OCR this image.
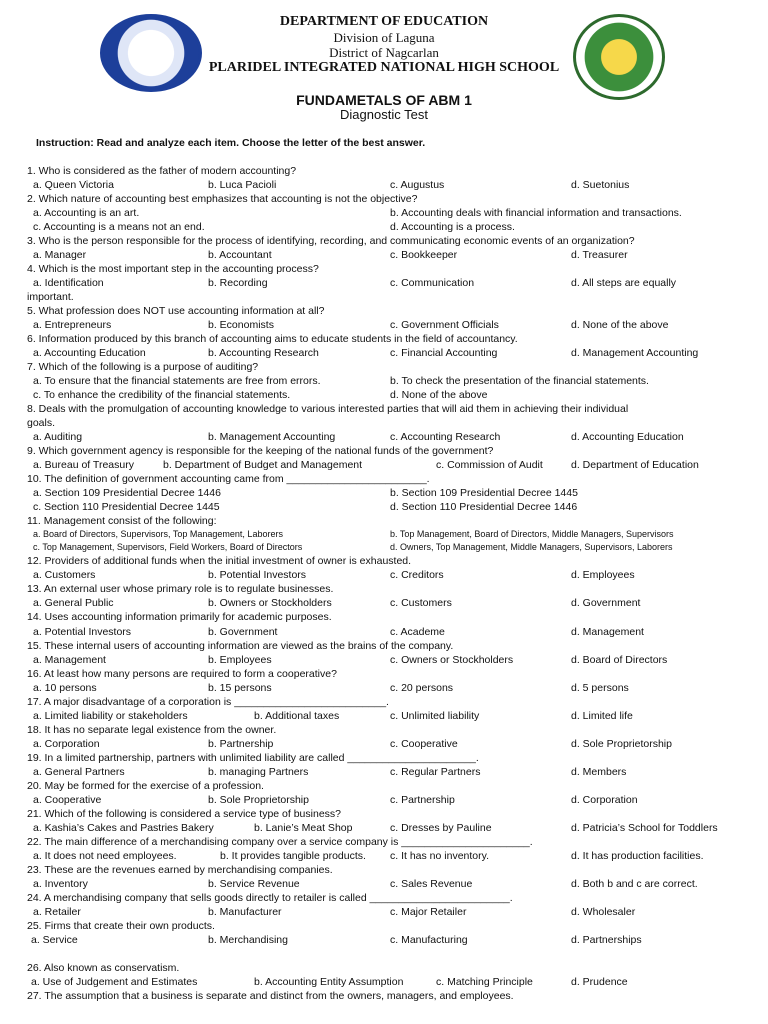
DEPARTMENT OF EDUCATION
Division of Laguna
District of Nagcarlan
PLARIDEL INTEGRATED NATIONAL HIGH SCHOOL
FUNDAMETALS OF ABM 1
Diagnostic Test
Instruction: Read and analyze each item. Choose the letter of the best answer.
1. Who is considered as the father of modern accounting?
a. Queen Victoria	b. Luca Pacioli	c. Augustus	d. Suetonius
2. Which nature of accounting best emphasizes that accounting is not the objective?
a. Accounting is an art.	b. Accounting deals with financial information and transactions.
c. Accounting is a means not an end.	d. Accounting is a process.
3. Who is the person responsible for the process of identifying, recording, and communicating economic events of an organization?
a. Manager	b. Accountant	c. Bookkeeper	d. Treasurer
4. Which is the most important step in the accounting process?
a. Identification	b. Recording	c. Communication	d. All steps are equally
important.
5. What profession does NOT use accounting information at all?
a. Entrepreneurs	b. Economists	c. Government Officials	d. None of the above
6. Information produced by this branch of accounting aims to educate students in the field of accountancy.
a. Accounting Education	b. Accounting Research	c. Financial Accounting	d. Management Accounting
7. Which of the following is a purpose of auditing?
a. To ensure that the financial statements are free from errors.	b. To check the presentation of the financial statements.
c. To enhance the credibility of the financial statements.	d. None of the above
8. Deals with the promulgation of accounting knowledge to various interested parties that will aid them in achieving their individual
goals.
a. Auditing	b. Management Accounting	c. Accounting Research	d. Accounting Education
9. Which government agency is responsible for the keeping of the national funds of the government?
a. Bureau of Treasury	b. Department of Budget and Management	c. Commission of Audit	d. Department of Education
10. The definition of government accounting came from ________________________.
a. Section 109 Presidential Decree 1446	b. Section 109 Presidential Decree 1445
c. Section 110 Presidential Decree 1445	d. Section 110 Presidential Decree 1446
11. Management consist of the following:
a. Board of Directors, Supervisors, Top Management, Laborers	b. Top Management, Board of Directors, Middle Managers, Supervisors
c. Top Management, Supervisors, Field Workers, Board of Directors	d. Owners, Top Management, Middle Managers, Supervisors, Laborers
12. Providers of additional funds when the initial investment of owner is exhausted.
a. Customers	b. Potential Investors	c. Creditors	d. Employees
13. An external user whose primary role is to regulate businesses.
a. General Public	b. Owners or Stockholders	c. Customers	d. Government
14. Uses accounting information primarily for academic purposes.
a. Potential Investors	b. Government	c. Academe	d. Management
15. These internal users of accounting information are viewed as the brains of the company.
a. Management	b. Employees	c. Owners or Stockholders	d. Board of Directors
16. At least how many persons are required to form a cooperative?
a. 10 persons	b. 15 persons	c. 20 persons	d. 5 persons
17. A major disadvantage of a corporation is __________________________.
a. Limited liability or stakeholders	b. Additional taxes	c. Unlimited liability	d. Limited life
18. It has no separate legal existence from the owner.
a. Corporation	b. Partnership	c. Cooperative	d. Sole Proprietorship
19. In a limited partnership, partners with unlimited liability are called ______________________.
a. General Partners	b. managing Partners	c. Regular Partners	d. Members
20. May be formed for the exercise of a profession.
a. Cooperative	b. Sole Proprietorship	c. Partnership	d. Corporation
21. Which of the following is considered a service type of business?
a. Kashia’s Cakes and Pastries Bakery	b. Lanie’s Meat Shop	c. Dresses by Pauline	d. Patricia’s School for Toddlers
22. The main difference of a merchandising company over a service company is ______________________.
a. It does not need employees.	b. It provides tangible products. c. It has no inventory.	d. It has production facilities.
23. These are the revenues earned by merchandising companies.
a. Inventory	b. Service Revenue	c. Sales Revenue	d. Both b and c are correct.
24. A merchandising company that sells goods directly to retailer is called ________________________.
a. Retailer	b. Manufacturer	c. Major Retailer	d. Wholesaler
25. Firms that create their own products.
a. Service	b. Merchandising	c. Manufacturing	d. Partnerships
26. Also known as conservatism.
a. Use of Judgement and Estimates	b. Accounting Entity Assumption	c. Matching Principle	d. Prudence
27. The assumption that a business is separate and distinct from the owners, managers, and employees.
